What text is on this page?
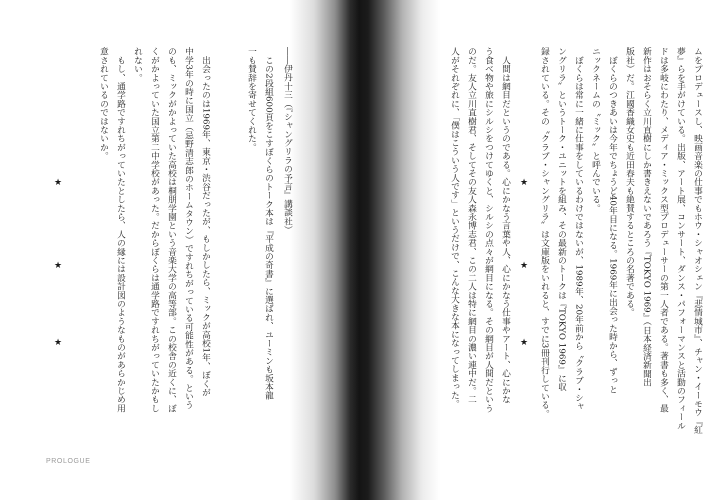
ムをプロデュースし、映画音楽の仕事でもホウ・シャオシェン『悲情城市』、チャン・イーモウ『紅
夢』らを手がけている。出版、アート展、コンサート、ダンス・パフォーマンスと活動のフィール
ドは多岐にわたり、メディア・ミックス型プロデューサーの第一人者である。著書も多く、最
新作はおそらく立川直樹にしか書きえないであろう『TOKYO 1969』（日本経済新聞出
版社）だ。江國香織女史も近田春夫も絶賛するところの名著である。
　ぼくらのつきあいは今年でちょうど40年目になる。1969年に出会った時から、ずっと
ニックネームの〝ミック〟と呼んでいる。
　ぼくらは常に一緒に仕事をしているわけではないが、1989年、20年前から〝クラブ・シャ
ングリラ〟というトーク・ユニットを組み、その最新のトークは『TOKYO 1969』に収
録されている。その〝クラブ・シャングリラ〟は文庫版をいれると、すでに3冊刊行している。
★
★
★
　人間は網目だというのである。心にかなう言葉や人、心にかなう仕事やアート、心にかな
う食べ物や旅にシルシをつけてゆくと、シルシの点々が網目になる。その網目が人間だという
のだ。友人立川直樹君、そしてその友人森永博志君、この二人は特に網目の濃い連中だ。二
人がそれぞれに、「僕はこういう人です」というだけで、こんな大きな本になってしまった。
――伊丹十三（『シャングリラの予言』講談社）
　この2段組600頁をこすぼくらのトーク本は『平成の奇書』に選ばれ、ユーミンも坂本龍
一も賛辞を寄せてくれた。
　出会ったのは1969年、東京・渋谷だったが、もしかしたら、ミックが高校1年、ぼくが
中学3年の時に国立（忌野清志郎のホームタウン）ですれちがっている可能性がある。という
のも、ミックがかよっていた高校は桐朋学園という音楽大学の高等部。この校舎の近くに、ぼ
くがかよっていた国立第二中学校があった。だからぼくらは通学路ですれちがっていたかもし
れない。
　もし、通学路ですれちがっていたとしたら、人の縁には設計図のようなものがあらかじめ用
意されているのではないか。
★
★
★
PROLOGUE
